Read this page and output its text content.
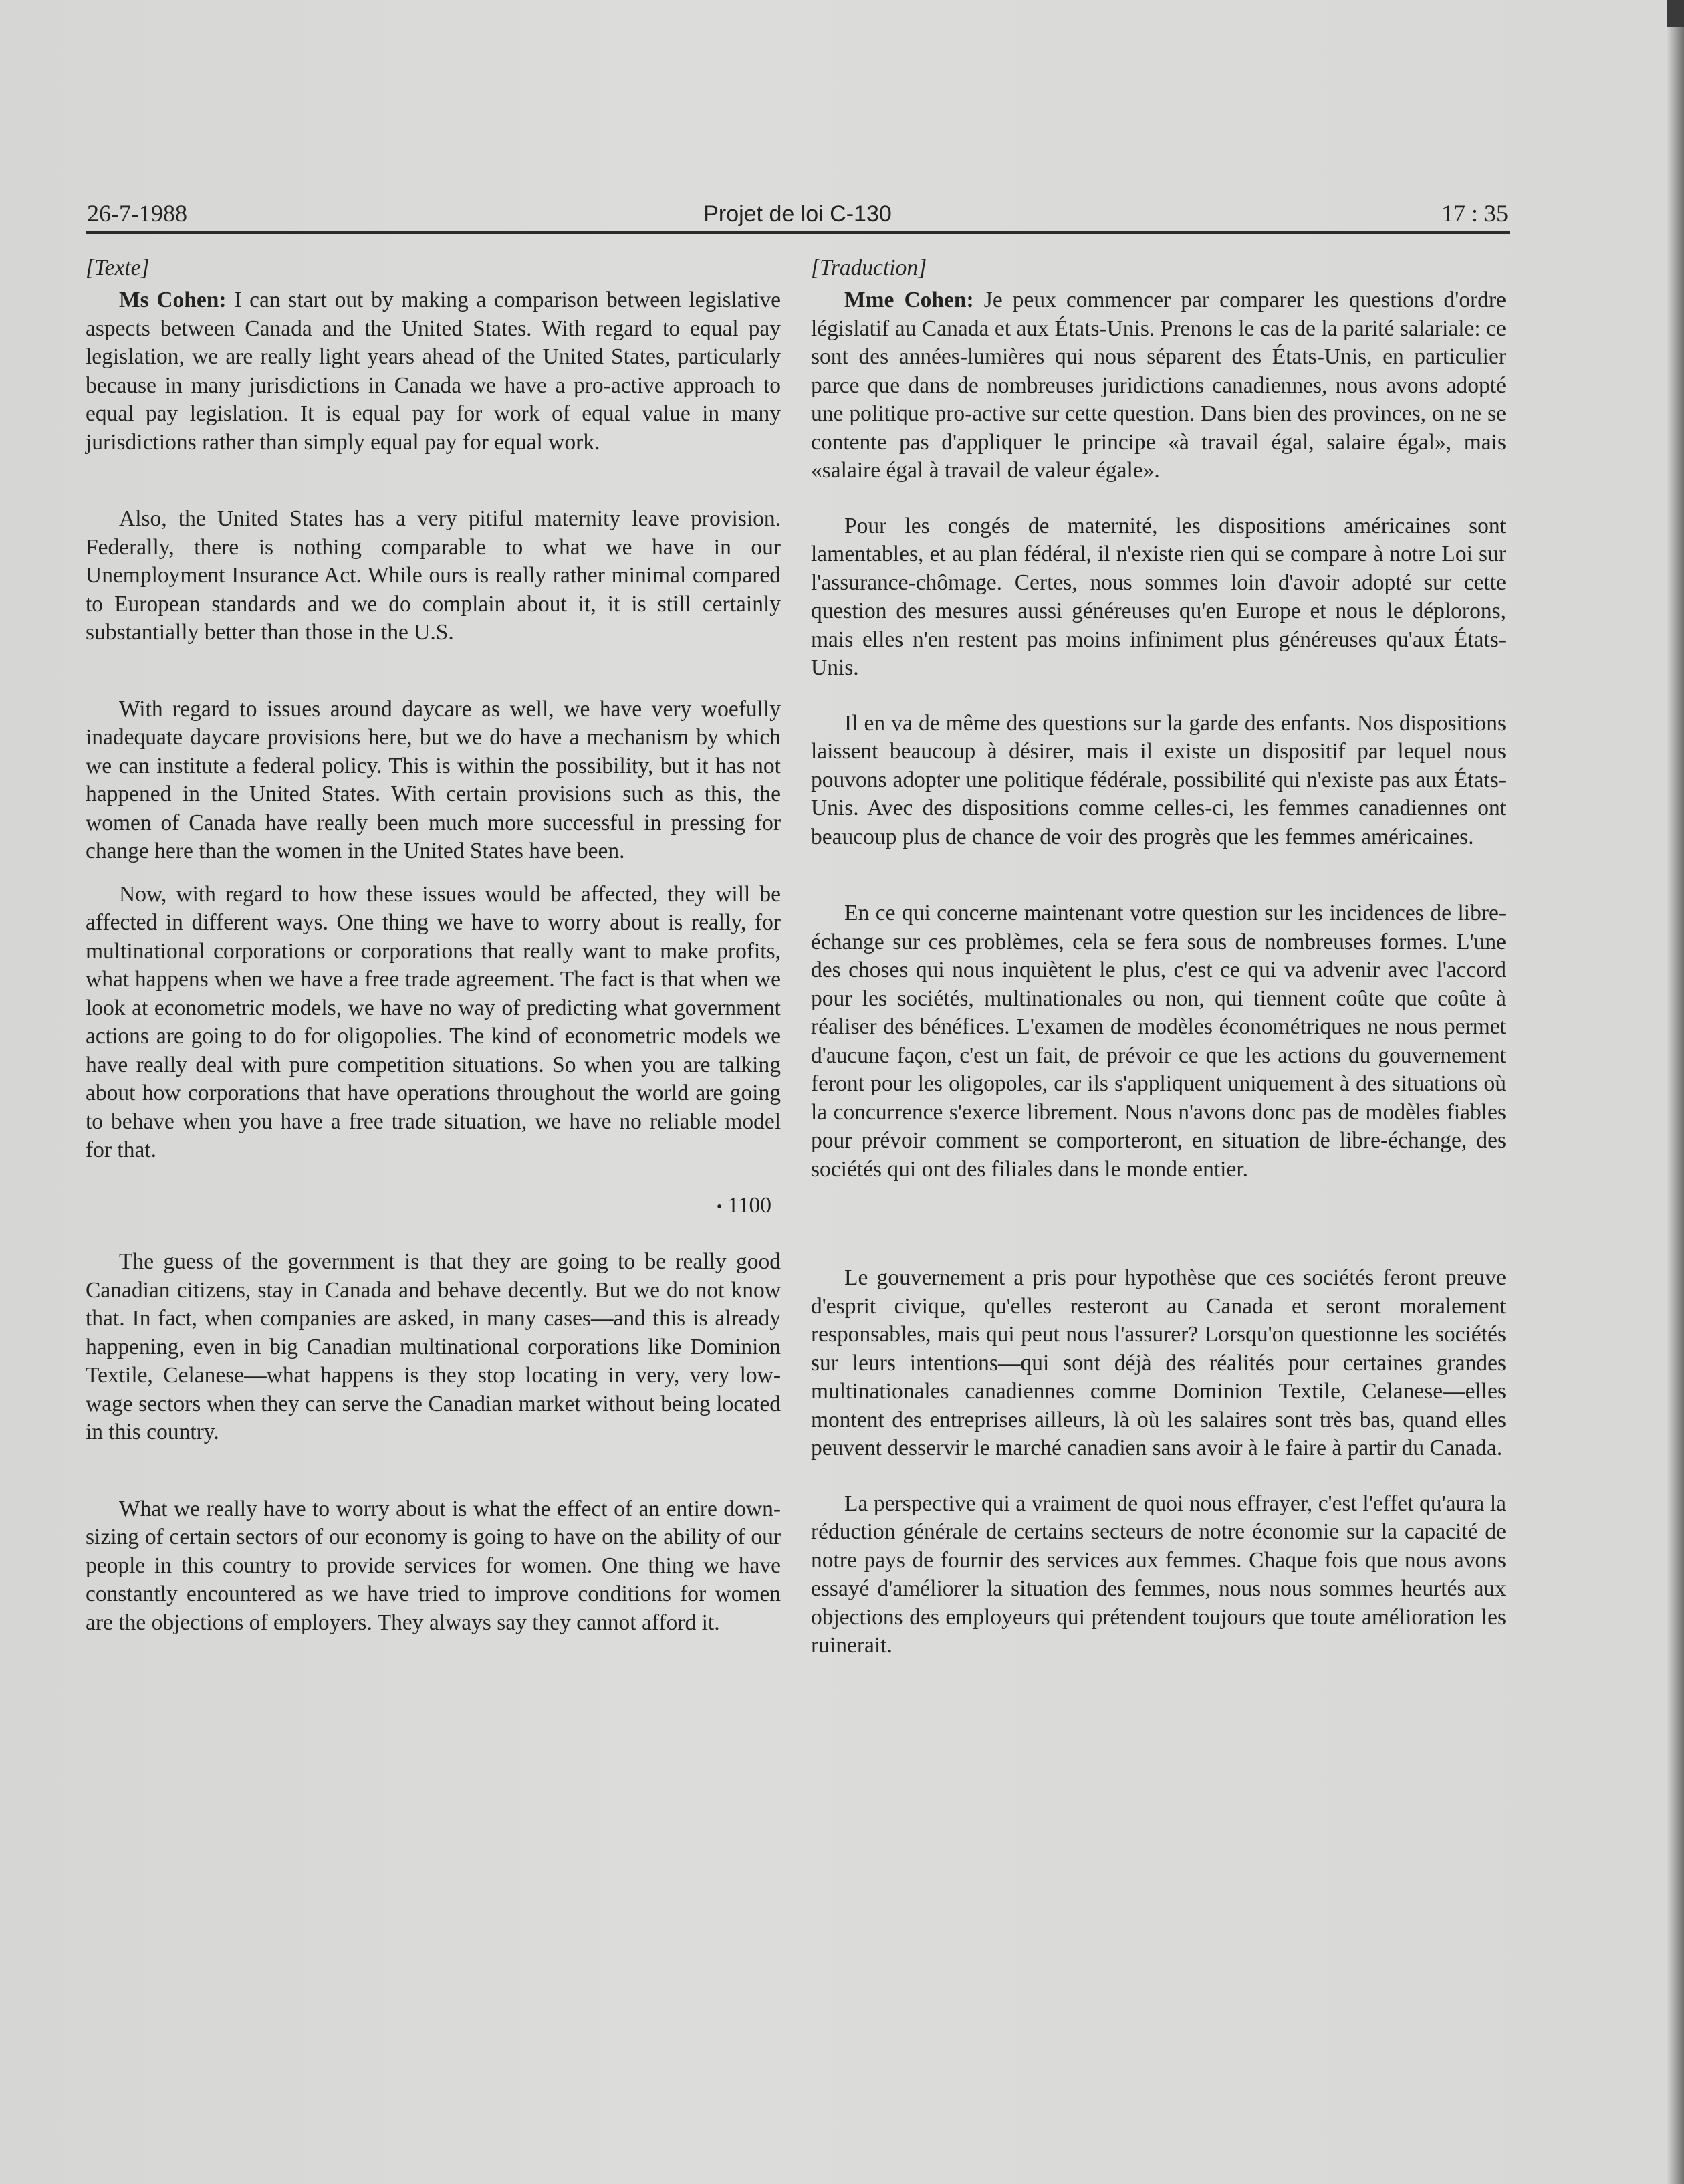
26-7-1988	Projet de loi C-130	17 : 35
[Texte]

Ms Cohen: I can start out by making a comparison between legislative aspects between Canada and the United States. With regard to equal pay legislation, we are really light years ahead of the United States, particularly because in many jurisdictions in Canada we have a pro-active approach to equal pay legislation. It is equal pay for work of equal value in many jurisdictions rather than simply equal pay for equal work.

Also, the United States has a very pitiful maternity leave provision. Federally, there is nothing comparable to what we have in our Unemployment Insurance Act. While ours is really rather minimal compared to European standards and we do complain about it, it is still certainly substantially better than those in the U.S.

With regard to issues around daycare as well, we have very woefully inadequate daycare provisions here, but we do have a mechanism by which we can institute a federal policy. This is within the possibility, but it has not happened in the United States. With certain provisions such as this, the women of Canada have really been much more successful in pressing for change here than the women in the United States have been.

Now, with regard to how these issues would be affected, they will be affected in different ways. One thing we have to worry about is really, for multinational corporations or corporations that really want to make profits, what happens when we have a free trade agreement. The fact is that when we look at econometric models, we have no way of predicting what government actions are going to do for oligopolies. The kind of econometric models we have really deal with pure competition situations. So when you are talking about how corporations that have operations throughout the world are going to behave when you have a free trade situation, we have no reliable model for that.

• 1100

The guess of the government is that they are going to be really good Canadian citizens, stay in Canada and behave decently. But we do not know that. In fact, when companies are asked, in many cases—and this is already happening, even in big Canadian multinational corporations like Dominion Textile, Celanese—what happens is they stop locating in very, very low-wage sectors when they can serve the Canadian market without being located in this country.

What we really have to worry about is what the effect of an entire down-sizing of certain sectors of our economy is going to have on the ability of our people in this country to provide services for women. One thing we have constantly encountered as we have tried to improve conditions for women are the objections of employers. They always say they cannot afford it.

[Traduction]

Mme Cohen: Je peux commencer par comparer les questions d'ordre législatif au Canada et aux États-Unis. Prenons le cas de la parité salariale: ce sont des années-lumières qui nous séparent des États-Unis, en particulier parce que dans de nombreuses juridictions canadiennes, nous avons adopté une politique pro-active sur cette question. Dans bien des provinces, on ne se contente pas d'appliquer le principe «à travail égal, salaire égal», mais «salaire égal à travail de valeur égale».

Pour les congés de maternité, les dispositions américaines sont lamentables, et au plan fédéral, il n'existe rien qui se compare à notre Loi sur l'assurance-chômage. Certes, nous sommes loin d'avoir adopté sur cette question des mesures aussi généreuses qu'en Europe et nous le déplorons, mais elles n'en restent pas moins infiniment plus généreuses qu'aux États-Unis.

Il en va de même des questions sur la garde des enfants. Nos dispositions laissent beaucoup à désirer, mais il existe un dispositif par lequel nous pouvons adopter une politique fédérale, possibilité qui n'existe pas aux États-Unis. Avec des dispositions comme celles-ci, les femmes canadiennes ont beaucoup plus de chance de voir des progrès que les femmes américaines.

En ce qui concerne maintenant votre question sur les incidences de libre-échange sur ces problèmes, cela se fera sous de nombreuses formes. L'une des choses qui nous inquiètent le plus, c'est ce qui va advenir avec l'accord pour les sociétés, multinationales ou non, qui tiennent coûte que coûte à réaliser des bénéfices. L'examen de modèles économétriques ne nous permet d'aucune façon, c'est un fait, de prévoir ce que les actions du gouvernement feront pour les oligopoles, car ils s'appliquent uniquement à des situations où la concurrence s'exerce librement. Nous n'avons donc pas de modèles fiables pour prévoir comment se comporteront, en situation de libre-échange, des sociétés qui ont des filiales dans le monde entier.

Le gouvernement a pris pour hypothèse que ces sociétés feront preuve d'esprit civique, qu'elles resteront au Canada et seront moralement responsables, mais qui peut nous l'assurer? Lorsqu'on questionne les sociétés sur leurs intentions—qui sont déjà des réalités pour certaines grandes multinationales canadiennes comme Dominion Textile, Celanese—elles montent des entreprises ailleurs, là où les salaires sont très bas, quand elles peuvent desservir le marché canadien sans avoir à le faire à partir du Canada.

La perspective qui a vraiment de quoi nous effrayer, c'est l'effet qu'aura la réduction générale de certains secteurs de notre économie sur la capacité de notre pays de fournir des services aux femmes. Chaque fois que nous avons essayé d'améliorer la situation des femmes, nous nous sommes heurtés aux objections des employeurs qui prétendent toujours que toute amélioration les ruinerait.
